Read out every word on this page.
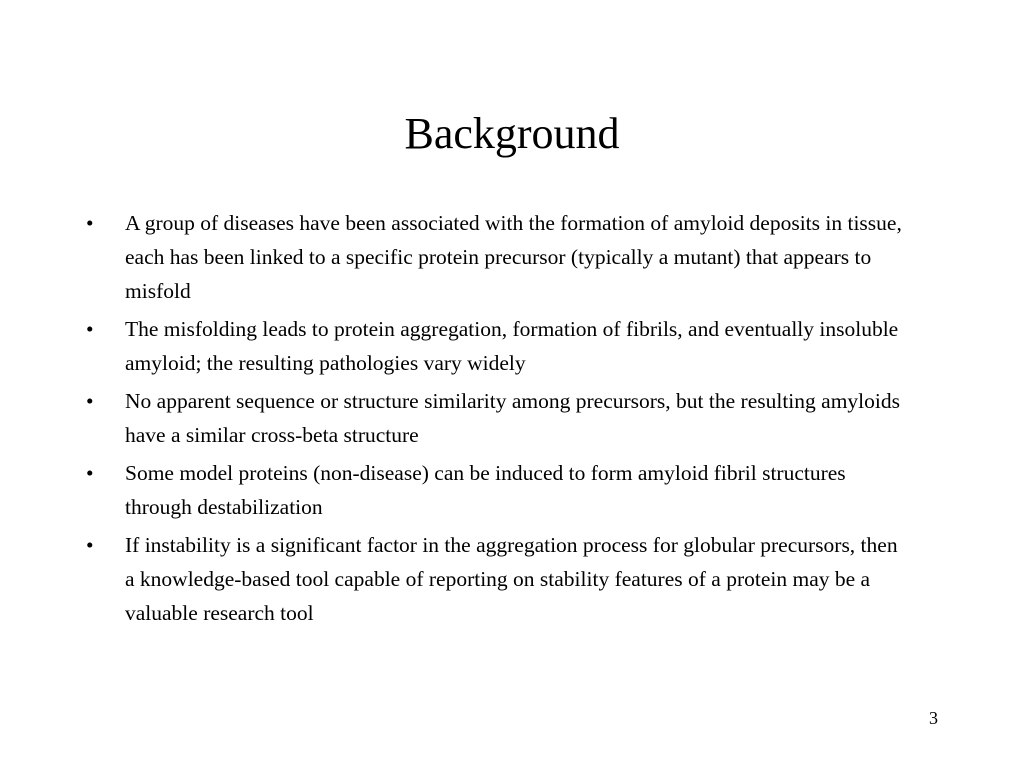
Background
•	A group of diseases have been associated with the formation of amyloid deposits in tissue, each has been linked to a specific protein precursor (typically a mutant) that appears to misfold
•	The misfolding leads to protein aggregation, formation of fibrils, and eventually insoluble amyloid; the resulting pathologies vary widely
•	No apparent sequence or structure similarity among precursors, but the resulting amyloids have a similar cross-beta structure
•	Some model proteins (non-disease) can be induced to form amyloid fibril structures through destabilization
•	If instability is a significant factor in the aggregation process for globular precursors, then a knowledge-based tool capable of reporting on stability features of a protein may be a valuable research tool
3
